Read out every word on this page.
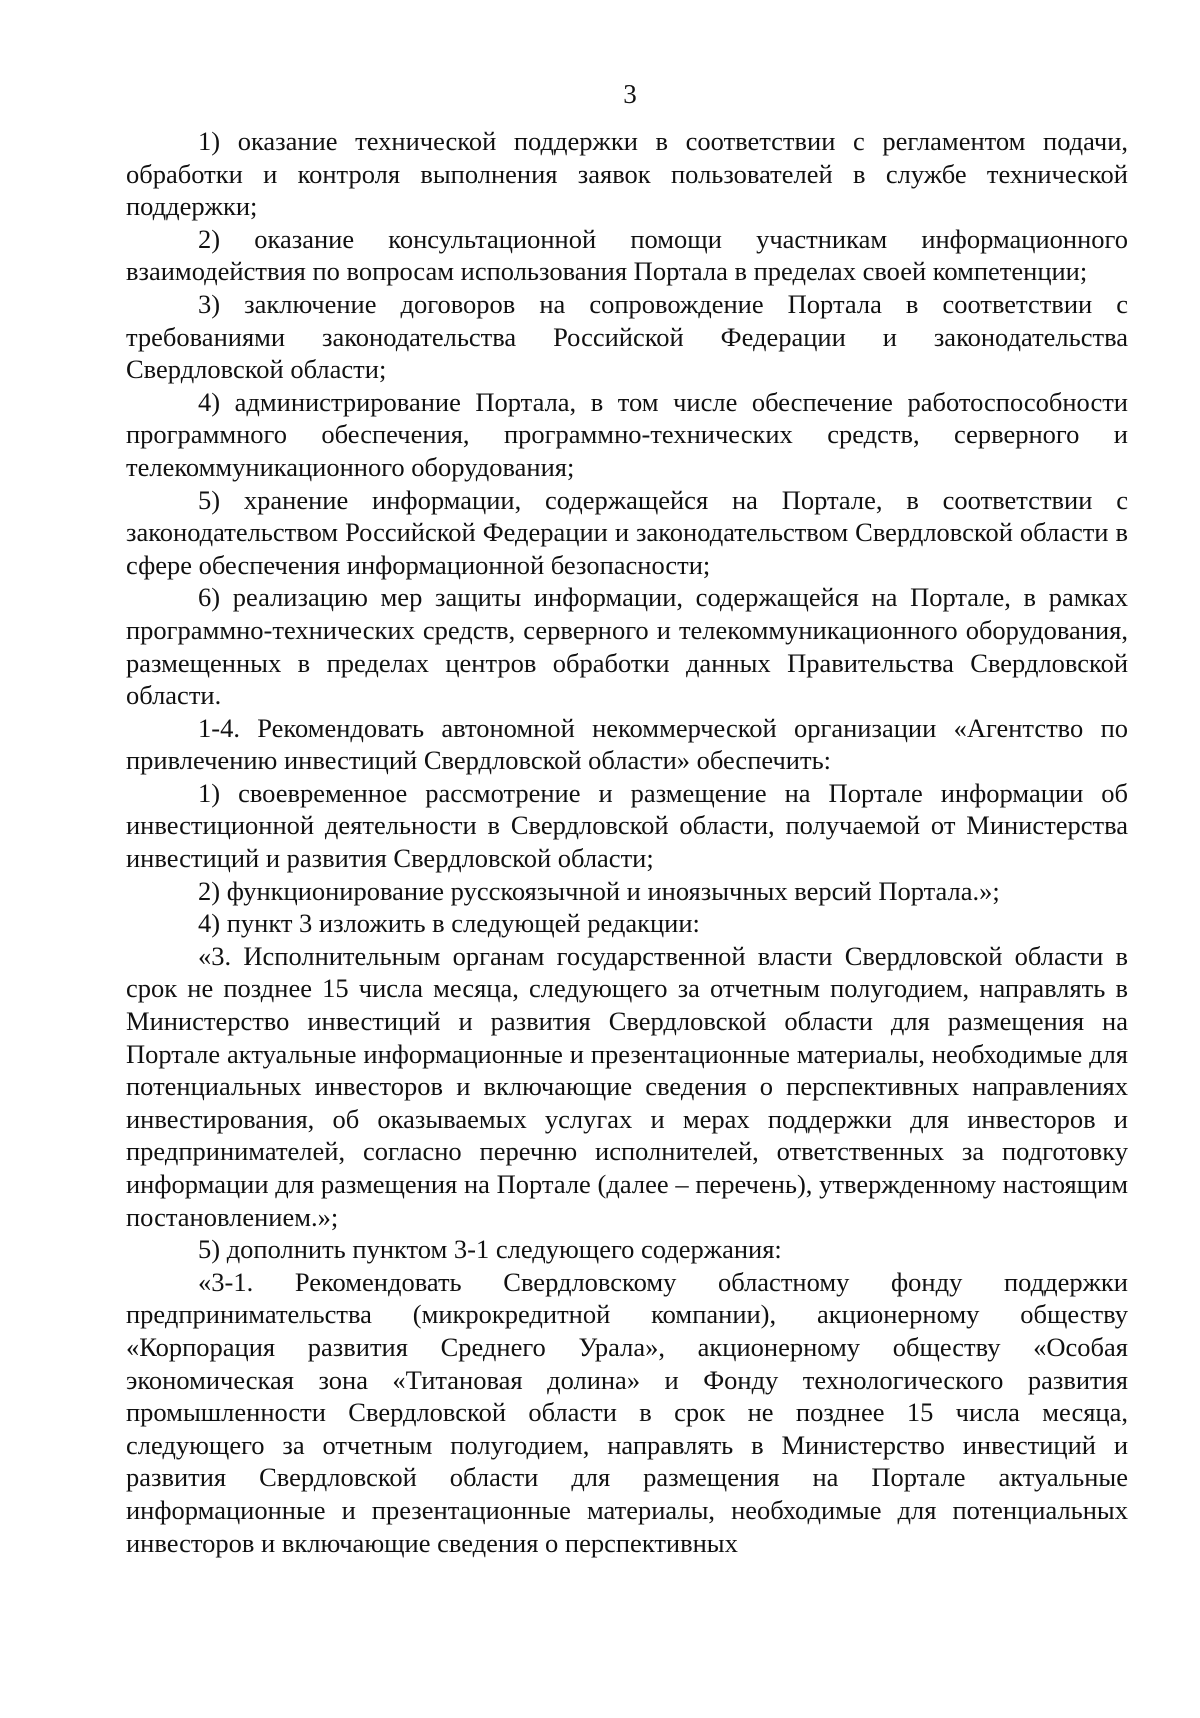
3

1) оказание технической поддержки в соответствии с регламентом подачи, обработки и контроля выполнения заявок пользователей в службе технической поддержки;

2) оказание консультационной помощи участникам информационного взаимодействия по вопросам использования Портала в пределах своей компетенции;

3) заключение договоров на сопровождение Портала в соответствии с требованиями законодательства Российской Федерации и законодательства Свердловской области;

4) администрирование Портала, в том числе обеспечение работоспособности программного обеспечения, программно-технических средств, серверного и телекоммуникационного оборудования;

5) хранение информации, содержащейся на Портале, в соответствии с законодательством Российской Федерации и законодательством Свердловской области в сфере обеспечения информационной безопасности;

6) реализацию мер защиты информации, содержащейся на Портале, в рамках программно-технических средств, серверного и телекоммуникационного оборудования, размещенных в пределах центров обработки данных Правительства Свердловской области.

1-4. Рекомендовать автономной некоммерческой организации «Агентство по привлечению инвестиций Свердловской области» обеспечить:

1) своевременное рассмотрение и размещение на Портале информации об инвестиционной деятельности в Свердловской области, получаемой от Министерства инвестиций и развития Свердловской области;

2) функционирование русскоязычной и иноязычных версий Портала.»;

4) пункт 3 изложить в следующей редакции:

«3. Исполнительным органам государственной власти Свердловской области в срок не позднее 15 числа месяца, следующего за отчетным полугодием, направлять в Министерство инвестиций и развития Свердловской области для размещения на Портале актуальные информационные и презентационные материалы, необходимые для потенциальных инвесторов и включающие сведения о перспективных направлениях инвестирования, об оказываемых услугах и мерах поддержки для инвесторов и предпринимателей, согласно перечню исполнителей, ответственных за подготовку информации для размещения на Портале (далее – перечень), утвержденному настоящим постановлением.»;

5) дополнить пунктом 3-1 следующего содержания:

«3-1. Рекомендовать Свердловскому областному фонду поддержки предпринимательства (микрокредитной компании), акционерному обществу «Корпорация развития Среднего Урала», акционерному обществу «Особая экономическая зона «Титановая долина» и Фонду технологического развития промышленности Свердловской области в срок не позднее 15 числа месяца, следующего за отчетным полугодием, направлять в Министерство инвестиций и развития Свердловской области для размещения на Портале актуальные информационные и презентационные материалы, необходимые для потенциальных инвесторов и включающие сведения о перспективных
